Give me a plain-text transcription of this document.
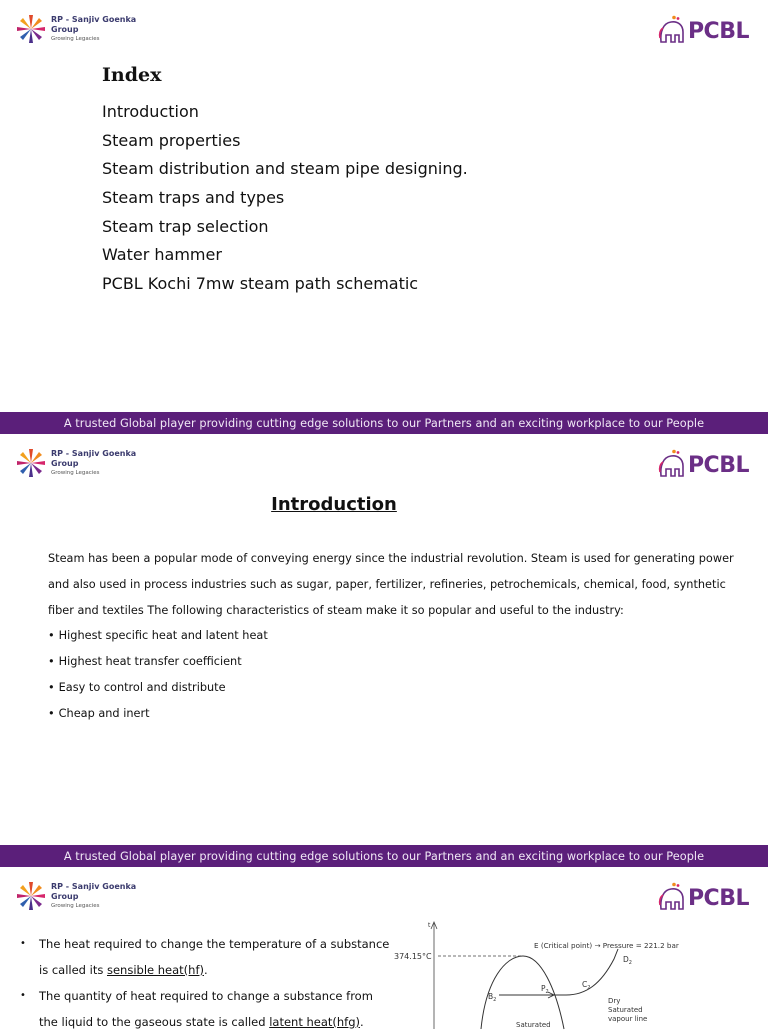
RP - Sanjiv Goenka
Group
Growing Legacies	PCBL
Index
Introduction
Steam properties
Steam distribution and steam pipe designing.
Steam traps and types
Steam trap selection
Water hammer
PCBL Kochi 7mw steam path schematic
A trusted Global player providing cutting edge solutions to our Partners and an exciting workplace to our People
RP - Sanjiv Goenka
Group
Growing Legacies	PCBL
Introduction

Steam has been a popular mode of conveying energy since the industrial revolution. Steam is used for generating power and also used in process industries such as sugar, paper, fertilizer, refineries, petrochemicals, chemical, food, synthetic fiber and textiles The following characteristics of steam make it so popular and useful to the industry:

• Highest specific heat and latent heat
• Highest heat transfer coefficient
• Easy to control and distribute
• Cheap and inert
A trusted Global player providing cutting edge solutions to our Partners and an exciting workplace to our People
RP - Sanjiv Goenka
Group
Growing Legacies	PCBL
•	The heat required to change the temperature of a substance is called its sensible heat(hf).
•	The quantity of heat required to change a substance from the liquid to the gaseous state is called latent heat(hfg).
t
374.15°C
E (Critical point) → Pressure = 221.2 bar
$D_2$
$P_2$
$C_2$
$B_2$	Dry
Saturated
vapour line
Saturated
